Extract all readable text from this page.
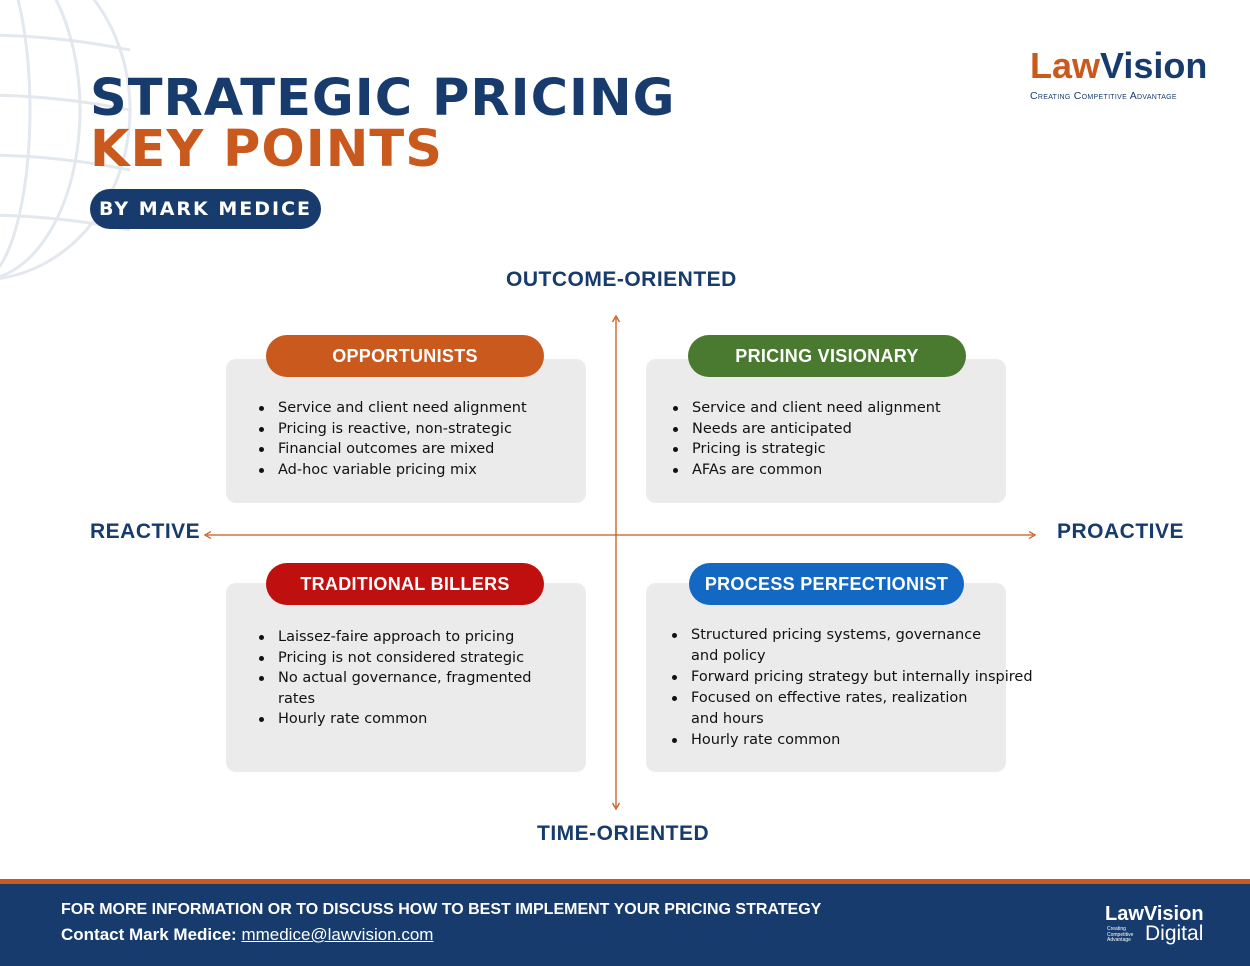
STRATEGIC PRICING
KEY POINTS
BY MARK MEDICE
LawVision
Creating Competitive Advantage
OUTCOME-ORIENTED
TIME-ORIENTED
REACTIVE	PROACTIVE
Service and client need alignment
Pricing is reactive, non-strategic
Financial outcomes are mixed
Ad-hoc variable pricing mix
OPPORTUNISTS
Service and client need alignment
Needs are anticipated
Pricing is strategic
AFAs are common
PRICING VISIONARY
Laissez-faire approach to pricing
Pricing is not considered strategic
No actual governance, fragmented rates
Hourly rate common
TRADITIONAL BILLERS
Structured pricing systems, governance and policy
Forward pricing strategy but internally inspired
Focused on effective rates, realization and hours
Hourly rate common
PROCESS PERFECTIONIST
FOR MORE INFORMATION OR TO DISCUSS HOW TO BEST IMPLEMENT YOUR PRICING STRATEGY
Contact Mark Medice: mmedice@lawvision.com
LawVision
Creating Competitive Advantage Digital
